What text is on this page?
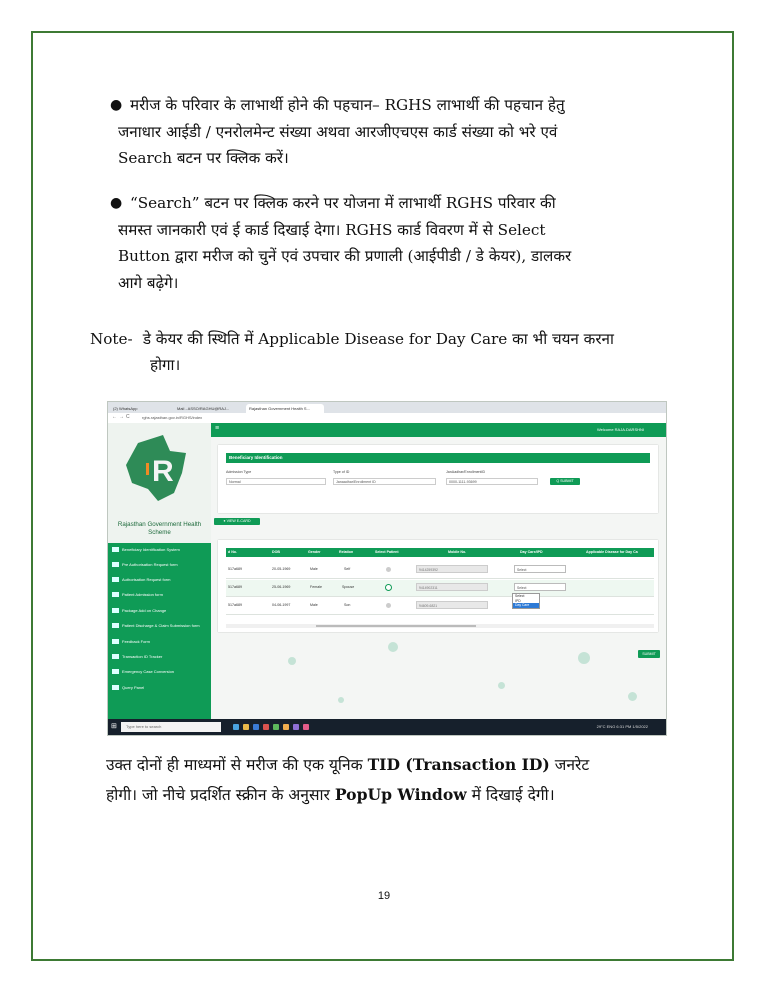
● मरीज के परिवार के लाभार्थी होने की पहचान– RGHS लाभार्थी की पहचान हेतु
जनाधार आईडी / एनरोलमेन्ट संख्या अथवा आरजीएचएस कार्ड संख्या को भरे एवं
Search बटन पर क्लिक करें।
● “Search” बटन पर क्लिक करने पर योजना में लाभार्थी RGHS परिवार की
समस्त जानकारी एवं ई कार्ड दिखाई देगा। RGHS कार्ड विवरण में से Select
Button द्वारा मरीज को चुनें एवं उपचार की प्रणाली (आईपीडी / डे केयर), डालकर
आगे बढ़ेगे।
Note- डे केयर की स्थिति में Applicable Disease for Day Care का भी चयन करना
होगा।
(2) WhatsApp	Mail - ASSO/RAGHU@RAJ...	Rajasthan Government Health S...
←→C	rghs.rajasthan.gov.in/RGHS/index
R
Rajasthan Government Health Scheme
Beneficiary Identification System
Pre Authorisation Request form
Authorisation Request form
Patient Admission form
Package Add on Change
Patient Discharge & Claim Submission form
Feedback Form
Transaction ID Tracker
Emergency Case Conversion
Query Panel
≡	Welcome RAJA.DARSHNI
Beneficiary Identification
Admission Type
Normal
Type of ID
Janaadhar/Enrollment ID
JanAadhar/EnrollmentID
0000-1111-93699	Q SUBMIT
● VIEW E-CARD
d No.	DOB	Gender	Relation	Select Patient	Mobile No.	Day Care/IPD	Applicable Disease for Day Ca
517a689	20-05-1969	Male	Self	9414259392	Select
517a689	25-06-1969	Female	Spouse	9414902311	Select
517a689	04-06-1997	Male	Son	94609-6821
Select
IPD
Day Care
SUBMIT
⊞	Type here to search	29°C ENG 6:31 PM 1/5/2022
उक्त दोनों ही माध्यमों से मरीज की एक यूनिक TID (Transaction ID) जनरेट
होगी। जो नीचे प्रदर्शित स्क्रीन के अनुसार PopUp Window में दिखाई देगी।
19
